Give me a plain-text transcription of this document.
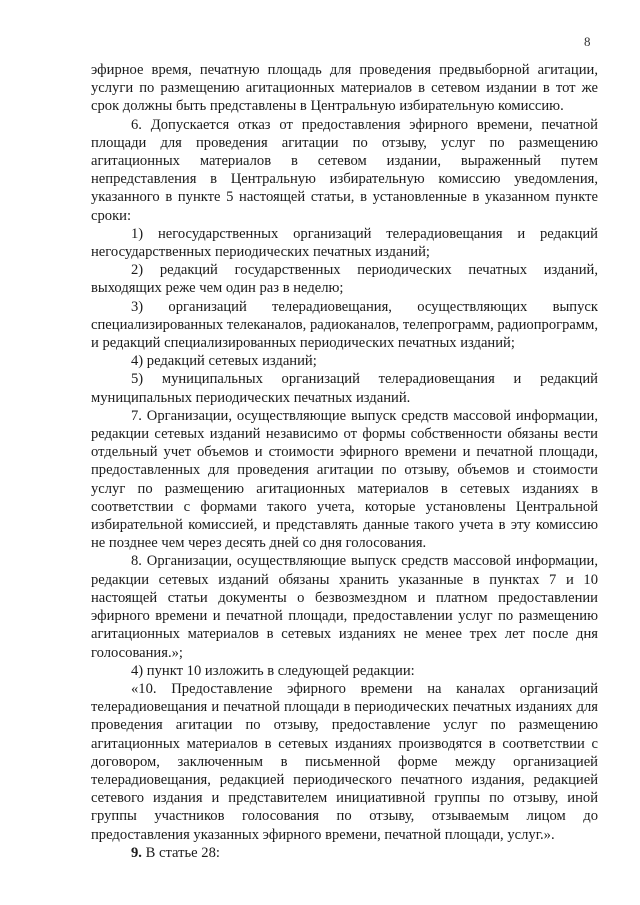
8

эфирное время, печатную площадь для проведения предвыборной агитации, услуги по размещению агитационных материалов в сетевом издании в тот же срок должны быть представлены в Центральную избирательную комиссию.

6. Допускается отказ от предоставления эфирного времени, печатной площади для проведения агитации по отзыву, услуг по размещению агитационных материалов в сетевом издании, выраженный путем непредставления в Центральную избирательную комиссию уведомления, указанного в пункте 5 настоящей статьи, в установленные в указанном пункте сроки:

1) негосударственных организаций телерадиовещания и редакций негосударственных периодических печатных изданий;

2) редакций государственных периодических печатных изданий, выходящих реже чем один раз в неделю;

3) организаций телерадиовещания, осуществляющих выпуск специализированных телеканалов, радиоканалов, телепрограмм, радиопрограмм, и редакций специализированных периодических печатных изданий;

4) редакций сетевых изданий;

5) муниципальных организаций телерадиовещания и редакций муниципальных периодических печатных изданий.

7. Организации, осуществляющие выпуск средств массовой информации, редакции сетевых изданий независимо от формы собственности обязаны вести отдельный учет объемов и стоимости эфирного времени и печатной площади, предоставленных для проведения агитации по отзыву, объемов и стоимости услуг по размещению агитационных материалов в сетевых изданиях в соответствии с формами такого учета, которые установлены Центральной избирательной комиссией, и представлять данные такого учета в эту комиссию не позднее чем через десять дней со дня голосования.

8. Организации, осуществляющие выпуск средств массовой информации, редакции сетевых изданий обязаны хранить указанные в пунктах 7 и 10 настоящей статьи документы о безвозмездном и платном предоставлении эфирного времени и печатной площади, предоставлении услуг по размещению агитационных материалов в сетевых изданиях не менее трех лет после дня голосования.»;

4) пункт 10 изложить в следующей редакции:

«10. Предоставление эфирного времени на каналах организаций телерадиовещания и печатной площади в периодических печатных изданиях для проведения агитации по отзыву, предоставление услуг по размещению агитационных материалов в сетевых изданиях производятся в соответствии с договором, заключенным в письменной форме между организацией телерадиовещания, редакцией периодического печатного издания, редакцией сетевого издания и представителем инициативной группы по отзыву, иной группы участников голосования по отзыву, отзываемым лицом до предоставления указанных эфирного времени, печатной площади, услуг.».

9. В статье 28:
